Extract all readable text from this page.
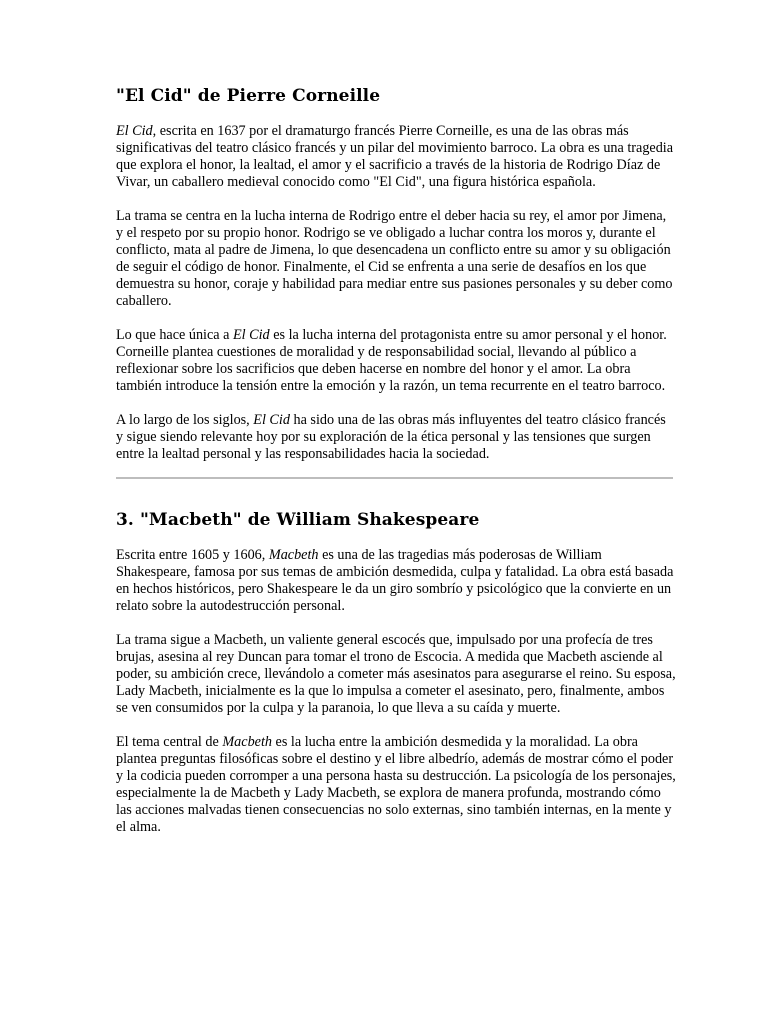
"El Cid" de Pierre Corneille

El Cid, escrita en 1637 por el dramaturgo francés Pierre Corneille, es una de las obras más significativas del teatro clásico francés y un pilar del movimiento barroco. La obra es una tragedia que explora el honor, la lealtad, el amor y el sacrificio a través de la historia de Rodrigo Díaz de Vivar, un caballero medieval conocido como "El Cid", una figura histórica española.

La trama se centra en la lucha interna de Rodrigo entre el deber hacia su rey, el amor por Jimena, y el respeto por su propio honor. Rodrigo se ve obligado a luchar contra los moros y, durante el conflicto, mata al padre de Jimena, lo que desencadena un conflicto entre su amor y su obligación de seguir el código de honor. Finalmente, el Cid se enfrenta a una serie de desafíos en los que demuestra su honor, coraje y habilidad para mediar entre sus pasiones personales y su deber como caballero.

Lo que hace única a El Cid es la lucha interna del protagonista entre su amor personal y el honor. Corneille plantea cuestiones de moralidad y de responsabilidad social, llevando al público a reflexionar sobre los sacrificios que deben hacerse en nombre del honor y el amor. La obra también introduce la tensión entre la emoción y la razón, un tema recurrente en el teatro barroco.

A lo largo de los siglos, El Cid ha sido una de las obras más influyentes del teatro clásico francés y sigue siendo relevante hoy por su exploración de la ética personal y las tensiones que surgen entre la lealtad personal y las responsabilidades hacia la sociedad.

3. "Macbeth" de William Shakespeare

Escrita entre 1605 y 1606, Macbeth es una de las tragedias más poderosas de William Shakespeare, famosa por sus temas de ambición desmedida, culpa y fatalidad. La obra está basada en hechos históricos, pero Shakespeare le da un giro sombrío y psicológico que la convierte en un relato sobre la autodestrucción personal.

La trama sigue a Macbeth, un valiente general escocés que, impulsado por una profecía de tres brujas, asesina al rey Duncan para tomar el trono de Escocia. A medida que Macbeth asciende al poder, su ambición crece, llevándolo a cometer más asesinatos para asegurarse el reino. Su esposa, Lady Macbeth, inicialmente es la que lo impulsa a cometer el asesinato, pero, finalmente, ambos se ven consumidos por la culpa y la paranoia, lo que lleva a su caída y muerte.

El tema central de Macbeth es la lucha entre la ambición desmedida y la moralidad. La obra plantea preguntas filosóficas sobre el destino y el libre albedrío, además de mostrar cómo el poder y la codicia pueden corromper a una persona hasta su destrucción. La psicología de los personajes, especialmente la de Macbeth y Lady Macbeth, se explora de manera profunda, mostrando cómo las acciones malvadas tienen consecuencias no solo externas, sino también internas, en la mente y el alma.
